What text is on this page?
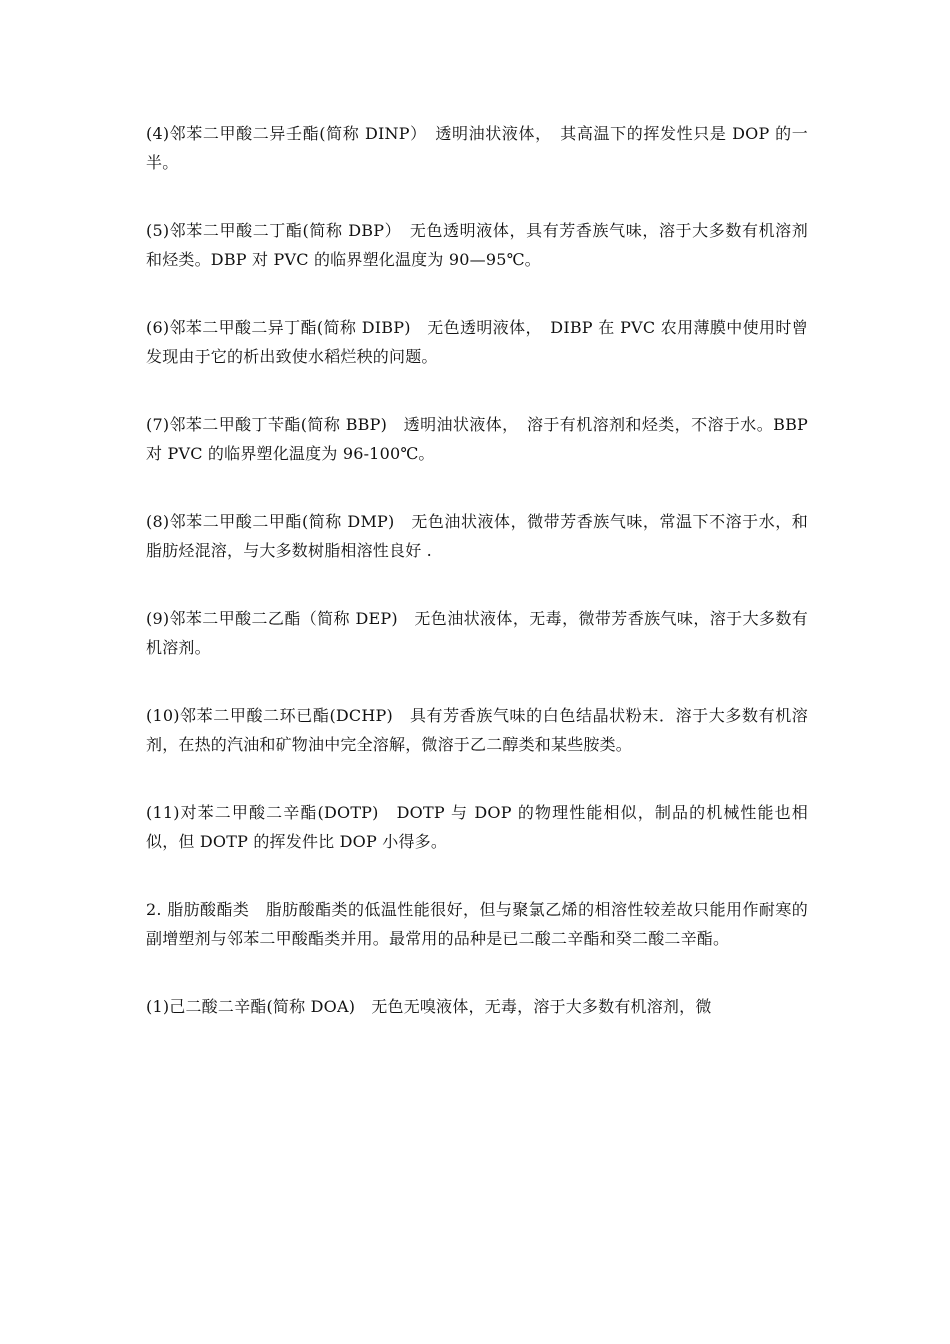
(4)邻苯二甲酸二异壬酯(简称 DINP）　透明油状液体，　其高温下的挥发性只是 DOP 的一半。

(5)邻苯二甲酸二丁酯(简称 DBP）　无色透明液体，具有芳香族气味，溶于大多数有机溶剂和烃类。DBP 对 PVC 的临界塑化温度为 90—95℃。

(6)邻苯二甲酸二异丁酯(简称 DIBP)　无色透明液体，　DIBP 在 PVC 农用薄膜中使用时曾发现由于它的析出致使水稻烂秧的问题。

(7)邻苯二甲酸丁苄酯(简称 BBP)　透明油状液体，　溶于有机溶剂和烃类，不溶于水。BBP 对 PVC 的临界塑化温度为 96-100℃。

(8)邻苯二甲酸二甲酯(简称 DMP)　无色油状液体，微带芳香族气味，常温下不溶于水，和脂肪烃混溶，与大多数树脂相溶性良好 .

(9)邻苯二甲酸二乙酯（简称 DEP)　无色油状液体，无毒，微带芳香族气味，溶于大多数有机溶剂。

(10)邻苯二甲酸二环已酯(DCHP)　具有芳香族气味的白色结晶状粉末．溶于大多数有机溶剂，在热的汽油和矿物油中完全溶解，微溶于乙二醇类和某些胺类。

(11)对苯二甲酸二辛酯(DOTP)　DOTP 与 DOP 的物理性能相似，制品的机械性能也相似，但 DOTP 的挥发件比 DOP 小得多。

2. 脂肪酸酯类　脂肪酸酯类的低温性能很好，但与聚氯乙烯的相溶性较差故只能用作耐寒的副增塑剂与邻苯二甲酸酯类并用。最常用的品种是已二酸二辛酯和癸二酸二辛酯。

(1)己二酸二辛酯(简称 DOA)　无色无嗅液体，无毒，溶于大多数有机溶剂，微
